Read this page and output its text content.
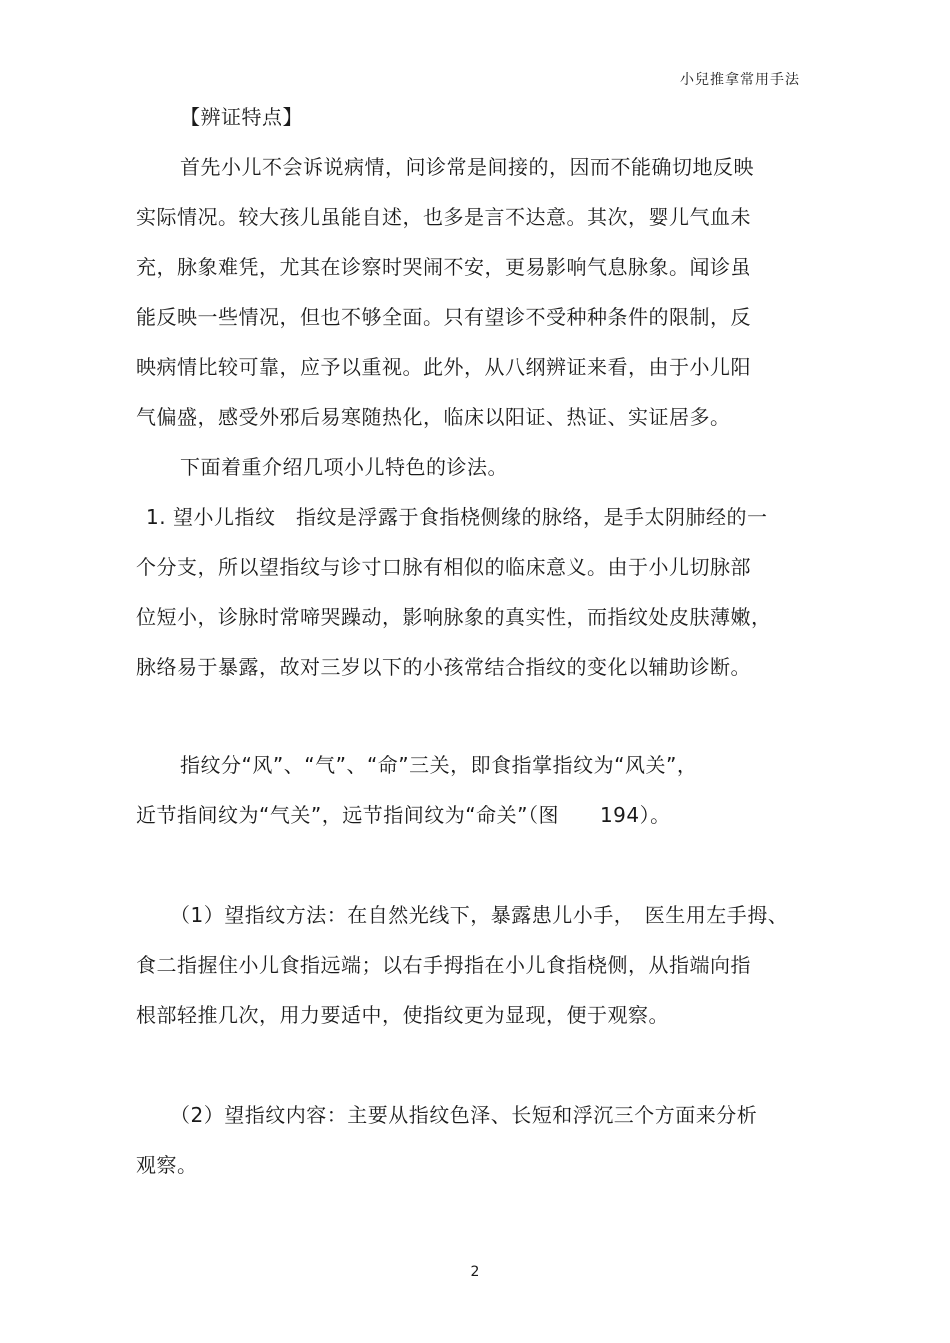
小兒推拿常用手法
【辨证特点】
首先小儿不会诉说病情，问诊常是间接的，因而不能确切地反映
实际情况。较大孩儿虽能自述，也多是言不达意。其次，婴儿气血未
充，脉象难凭，尤其在诊察时哭闹不安，更易影响气息脉象。闻诊虽
能反映一些情况，但也不够全面。只有望诊不受种种条件的限制，反
映病情比较可靠，应予以重视。此外，从八纲辨证来看，由于小儿阳
气偏盛，感受外邪后易寒随热化，临床以阳证、热证、实证居多。
下面着重介绍几项小儿特色的诊法。
1. 望小儿指纹　指纹是浮露于食指桡侧缘的脉络，是手太阴肺经的一
个分支，所以望指纹与诊寸口脉有相似的临床意义。由于小儿切脉部
位短小，诊脉时常啼哭躁动，影响脉象的真实性，而指纹处皮肤薄嫩，
脉络易于暴露，故对三岁以下的小孩常结合指纹的变化以辅助诊断。
指纹分“风”、“气”、“命”三关，即食指掌指纹为“风关”，
近节指间纹为“气关”，远节指间纹为“命关”（图　　194）。
（1）望指纹方法：在自然光线下，暴露患儿小手，　医生用左手拇、
食二指握住小儿食指远端；以右手拇指在小儿食指桡侧，从指端向指
根部轻推几次，用力要适中，使指纹更为显现，便于观察。
（2）望指纹内容：主要从指纹色泽、长短和浮沉三个方面来分析
观察。
2
